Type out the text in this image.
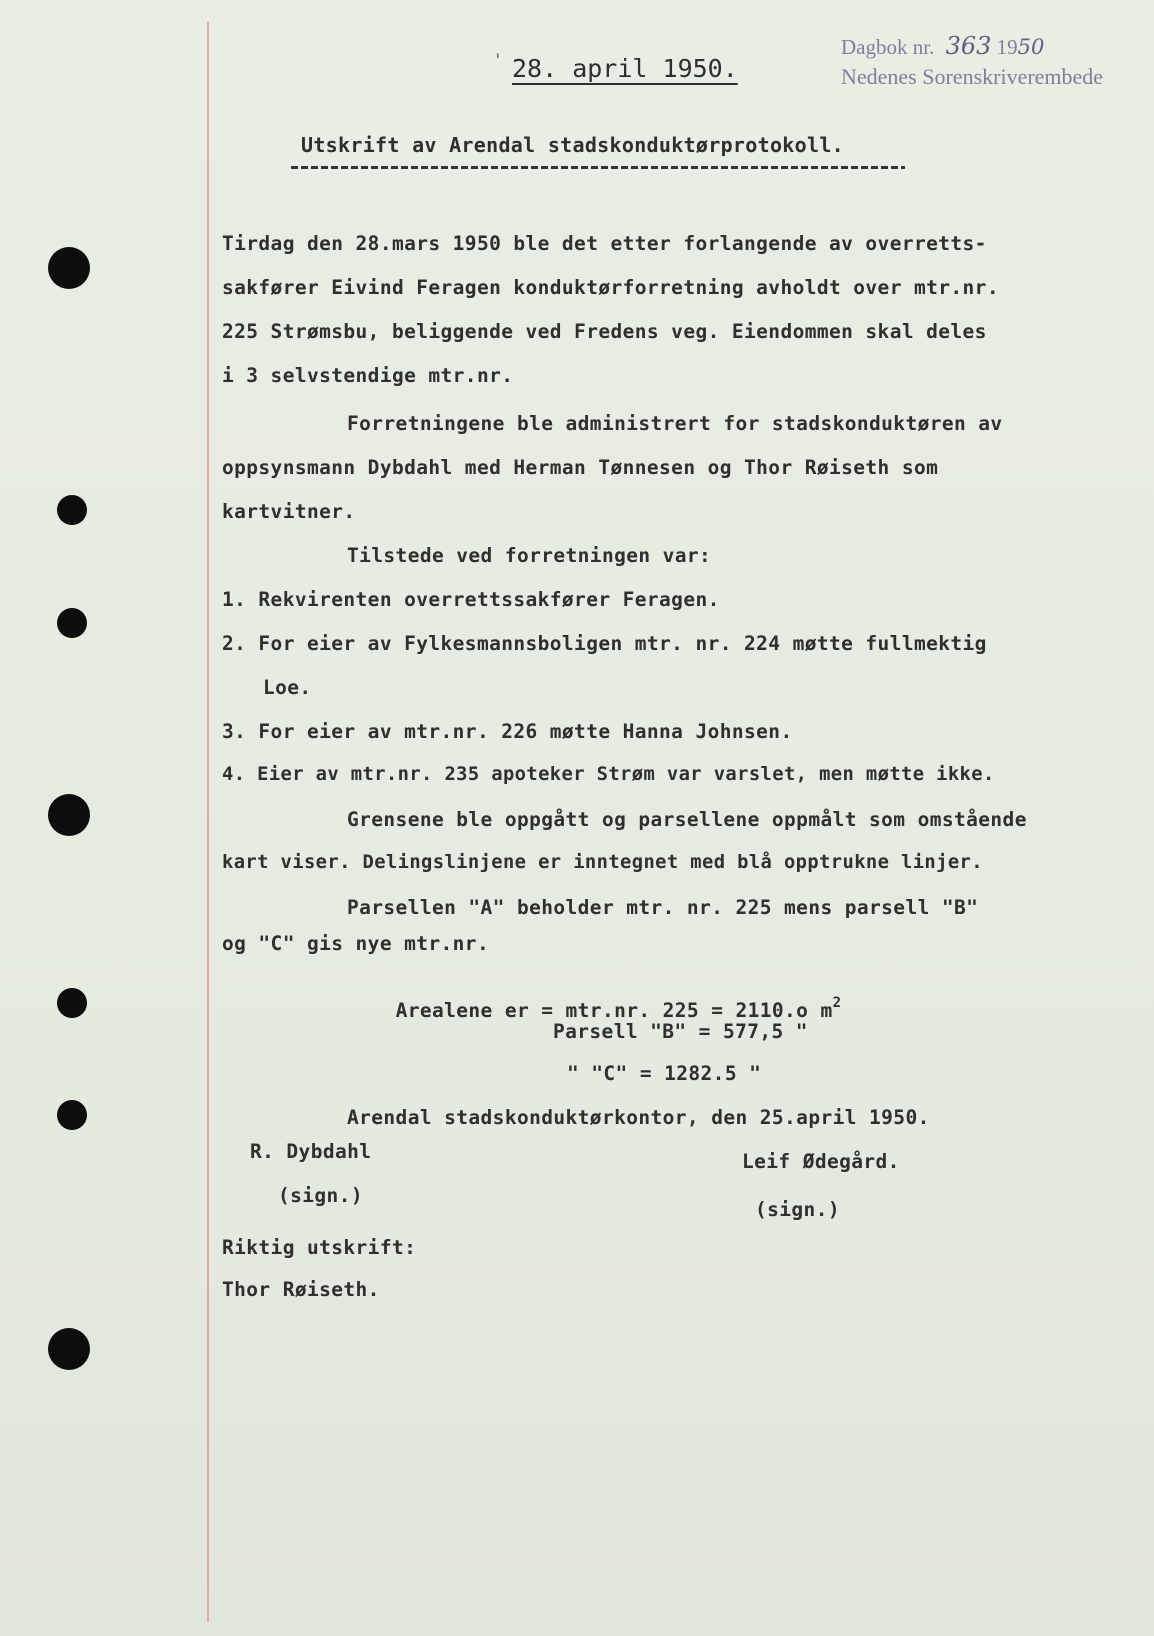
' 28. april 1950.
Dagbok nr. 363 1950
Nedenes Sorenskriverembede
Utskrift av Arendal stadskonduktørprotokoll.
Tirdag den 28.mars 1950 ble det etter forlangende av overretts-
sakfører Eivind Feragen konduktørforretning avholdt over mtr.nr.
225 Strømsbu, beliggende ved Fredens veg. Eiendommen skal deles
i 3 selvstendige mtr.nr.
Forretningene ble administrert for stadskonduktøren av
oppsynsmann Dybdahl med Herman Tønnesen og Thor Røiseth som
kartvitner.
Tilstede ved forretningen var:
1. Rekvirenten overrettssakfører Feragen.
2. For eier av Fylkesmannsboligen mtr. nr. 224 møtte fullmektig
Loe.
3. For eier av mtr.nr. 226 møtte Hanna Johnsen.
4. Eier av mtr.nr. 235 apoteker Strøm var varslet, men møtte ikke.
Grensene ble oppgått og parsellene oppmålt som omstående
kart viser. Delingslinjene er inntegnet med blå opptrukne linjer.
Parsellen "A" beholder mtr. nr. 225 mens parsell "B"
og "C" gis nye mtr.nr.

Arealene er = mtr.nr. 225 = 2110.o $m^2$

Parsell "B" = 577,5 "
" "C" = 1282.5 "
Arendal stadskonduktørkontor, den 25.april 1950.
R. Dybdahl	Leif Ødegård.
(sign.)
(sign.)
Riktig utskrift:
Thor Røiseth.
